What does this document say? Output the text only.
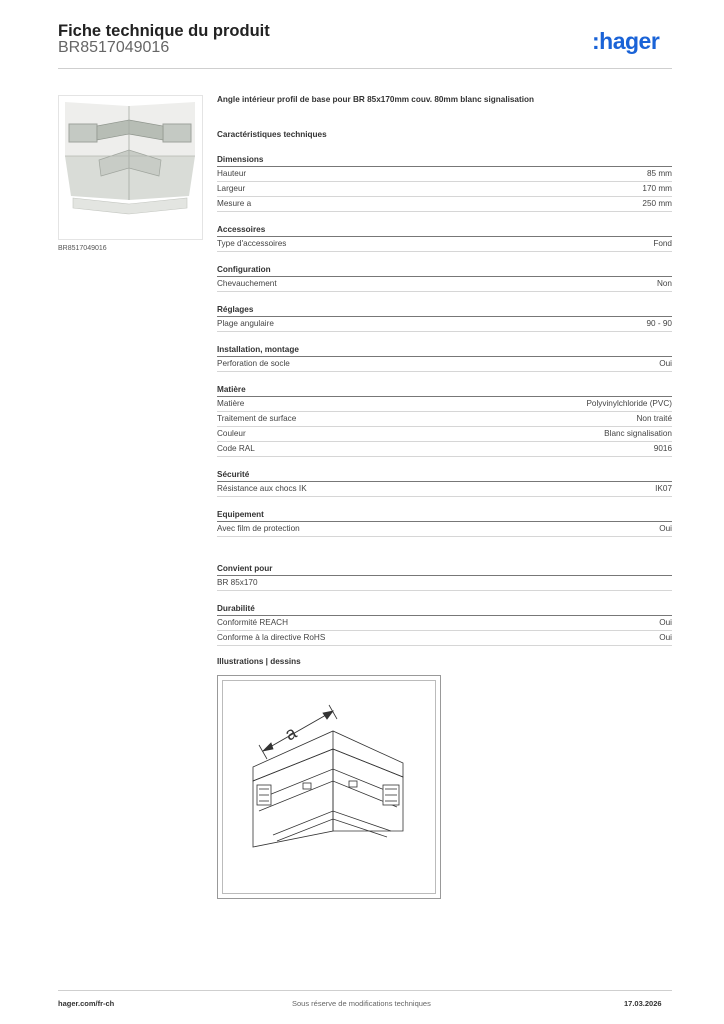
Fiche technique du produit
BR8517049016	:hager
BR8517049016
Angle intérieur profil de base pour BR 85x170mm couv. 80mm blanc signalisation
Caractéristiques techniques
Dimensions
Hauteur	85 mm
Largeur	170 mm
Mesure a	250 mm
Accessoires
Type d'accessoires	Fond
Configuration
Chevauchement	Non
Réglages
Plage angulaire	90 - 90
Installation, montage
Perforation de socle	Oui
Matière
Matière	Polyvinylchloride (PVC)
Traitement de surface	Non traité
Couleur	Blanc signalisation
Code RAL	9016
Sécurité
Résistance aux chocs IK	IK07
Equipement
Avec film de protection	Oui
Convient pour
BR 85x170
Durabilité
Conformité REACH	Oui
Conforme à la directive RoHS	Oui
Illustrations | dessins
a
hager.com/fr-ch	Sous réserve de modifications techniques	17.03.2026
